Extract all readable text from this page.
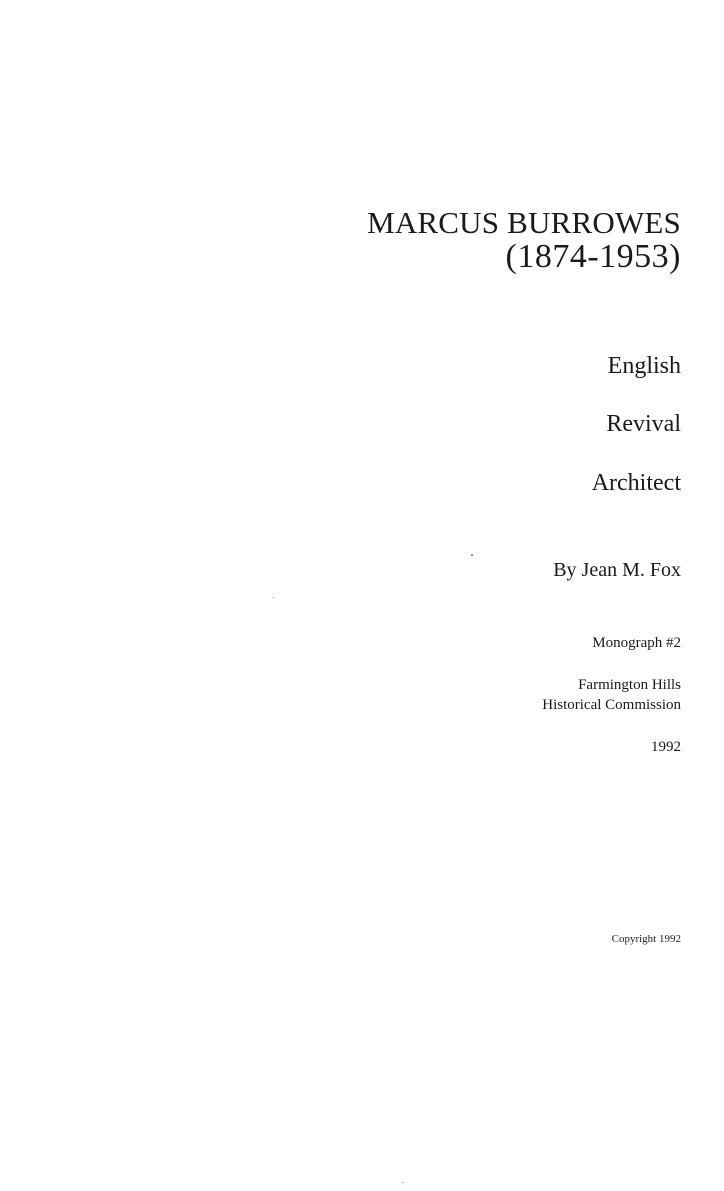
MARCUS BURROWES
(1874-1953)
English
Revival
Architect
By Jean M. Fox
Monograph #2
Farmington Hills
Historical Commission
1992
Copyright 1992
